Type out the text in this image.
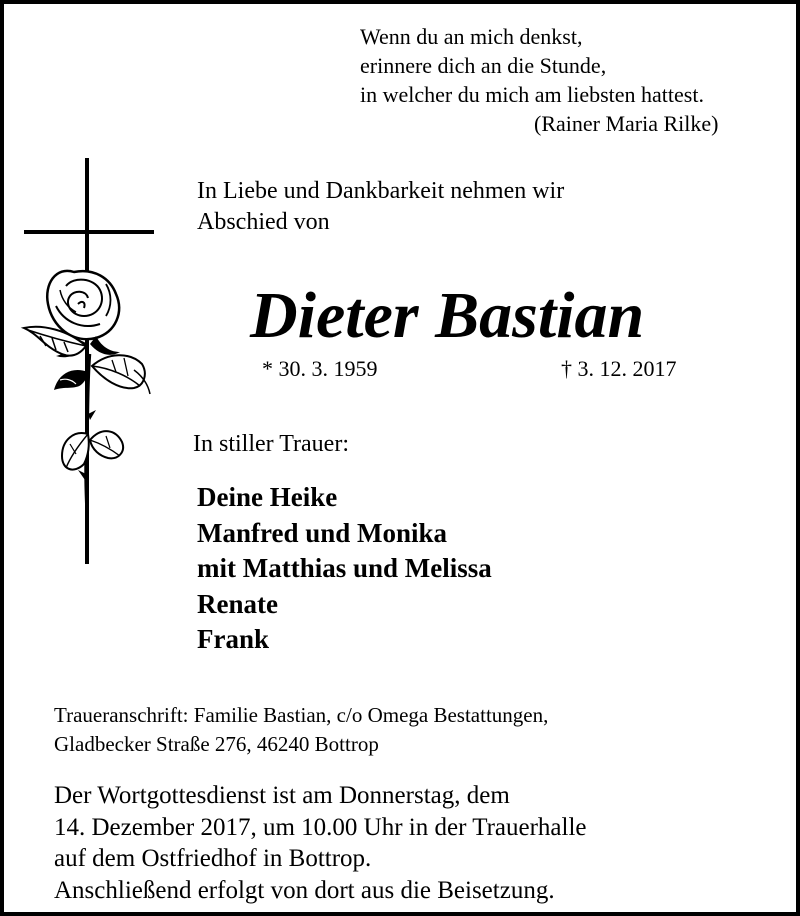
Wenn du an mich denkst,
erinnere dich an die Stunde,
in welcher du mich am liebsten hattest.
(Rainer Maria Rilke)
In Liebe und Dankbarkeit nehmen wir
Abschied von
Dieter Bastian
* 30. 3. 1959	† 3. 12. 2017
In stiller Trauer:
Deine Heike
Manfred und Monika
mit Matthias und Melissa
Renate
Frank
Traueranschrift: Familie Bastian, c/o Omega Bestattungen,
Gladbecker Straße 276, 46240 Bottrop
Der Wortgottesdienst ist am Donnerstag, dem
14. Dezember 2017, um 10.00 Uhr in der Trauerhalle
auf dem Ostfriedhof in Bottrop.
Anschließend erfolgt von dort aus die Beisetzung.
